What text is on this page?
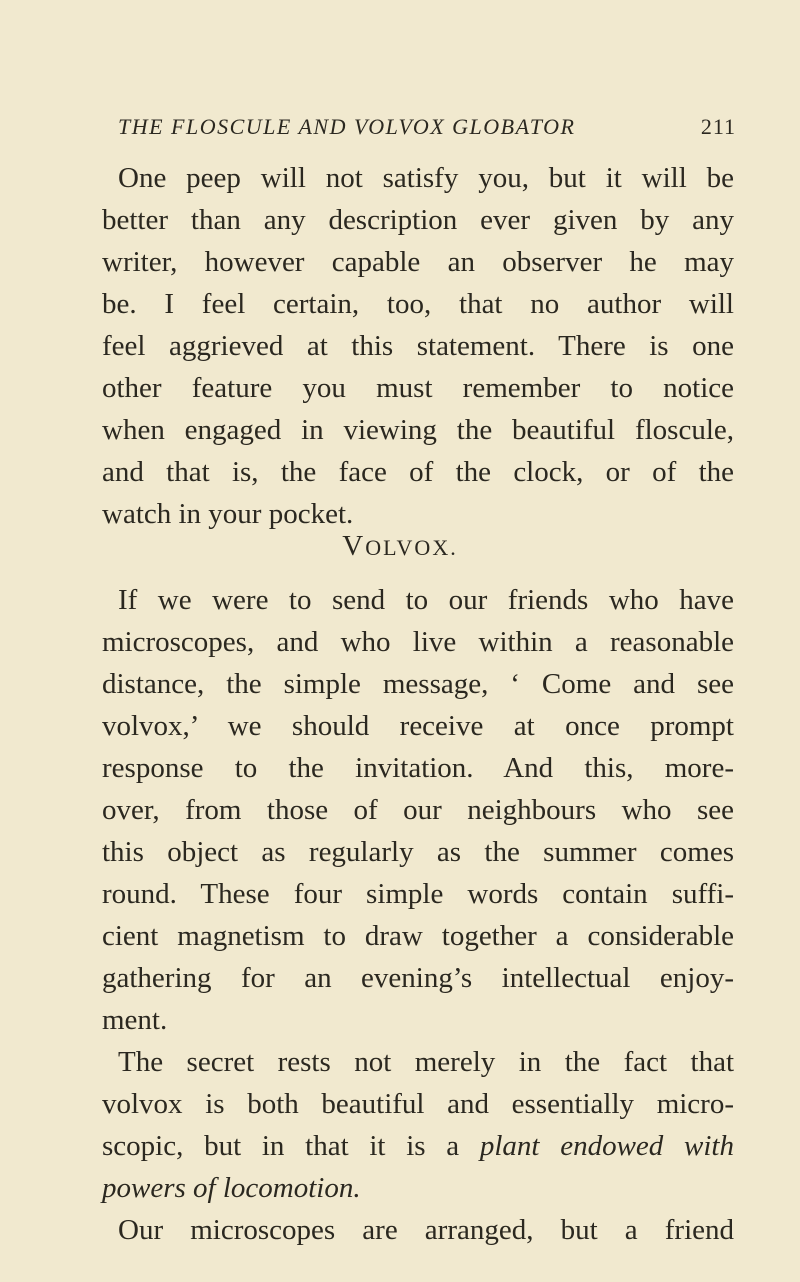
THE FLOSCULE AND VOLVOX GLOBATOR	211
One peep will not satisfy you, but it will be
better than any description ever given by any
writer, however capable an observer he may
be. I feel certain, too, that no author will
feel aggrieved at this statement. There is one
other feature you must remember to notice
when engaged in viewing the beautiful floscule,
and that is, the face of the clock, or of the
watch in your pocket.
VOLVOX.
If we were to send to our friends who have
microscopes, and who live within a reasonable
distance, the simple message, ‘ Come and see
volvox,’ we should receive at once prompt
response to the invitation. And this, more-
over, from those of our neighbours who see
this object as regularly as the summer comes
round. These four simple words contain suffi-
cient magnetism to draw together a considerable
gathering for an evening’s intellectual enjoy-
ment.
The secret rests not merely in the fact that
volvox is both beautiful and essentially micro-
scopic, but in that it is a plant endowed with
powers of locomotion.
Our microscopes are arranged, but a friend
